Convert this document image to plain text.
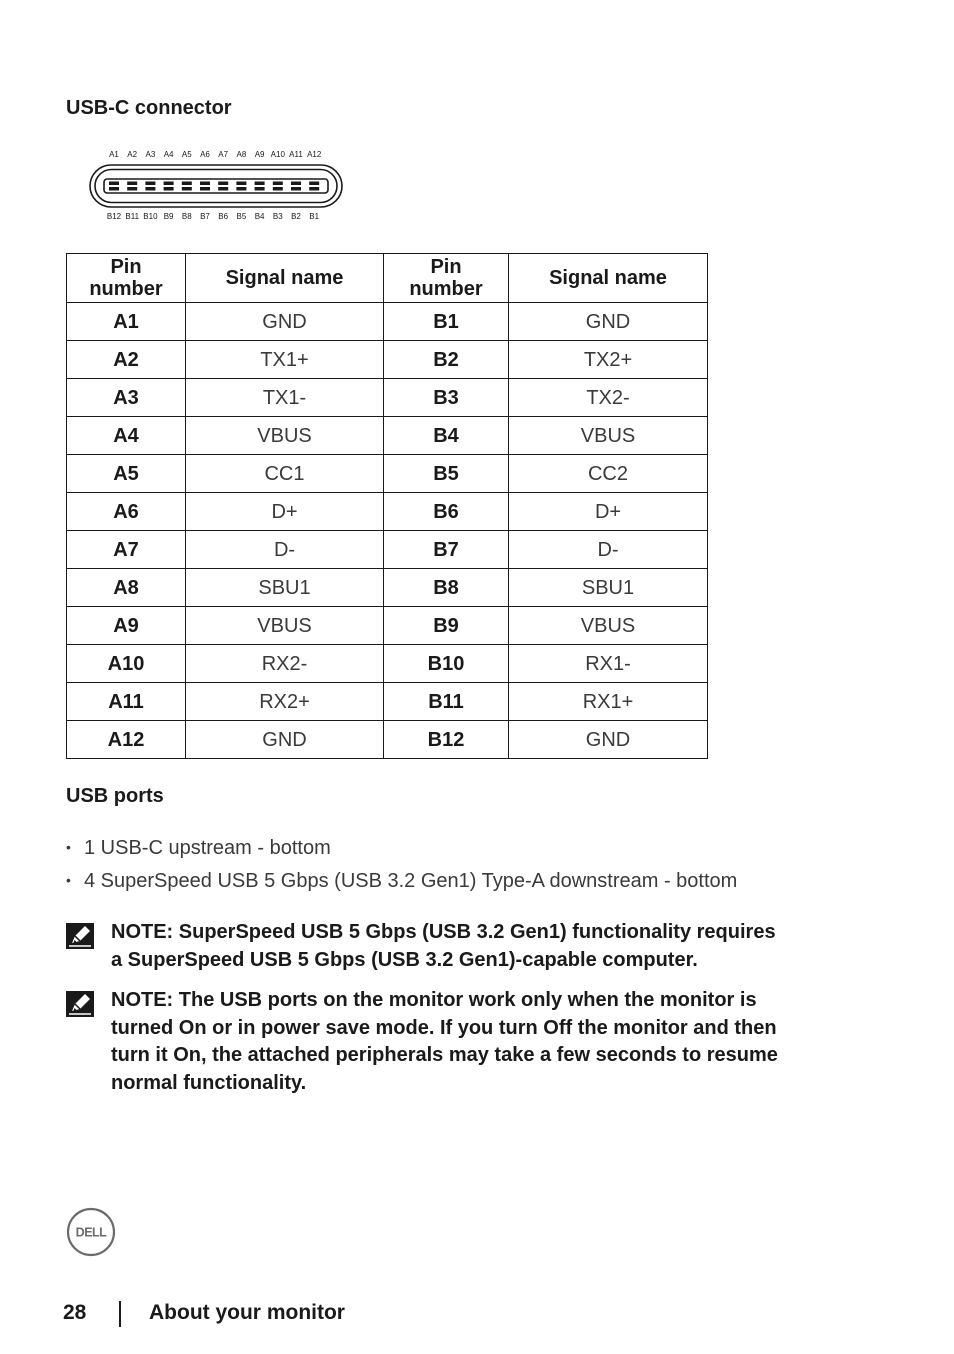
USB-C connector
A1 A2 A3 A4 A5 A6 A7 A8 A9 A10 A11 A12
B12 B11 B10 B9 B8 B7 B6 B5 B4 B3 B2 B1
Pin
number	Signal name	Pin
number	Signal name
A1	GND	B1	GND
A2	TX1+	B2	TX2+
A3	TX1-	B3	TX2-
A4	VBUS	B4	VBUS
A5	CC1	B5	CC2
A6	D+	B6	D+
A7	D-	B7	D-
A8	SBU1	B8	SBU1
A9	VBUS	B9	VBUS
A10	RX2-	B10	RX1-
A11	RX2+	B11	RX1+
A12	GND	B12	GND
USB ports
• 1 USB-C upstream - bottom
• 4 SuperSpeed USB 5 Gbps (USB 3.2 Gen1) Type-A downstream - bottom
NOTE: SuperSpeed USB 5 Gbps (USB 3.2 Gen1) functionality requires
a SuperSpeed USB 5 Gbps (USB 3.2 Gen1)-capable computer.
NOTE: The USB ports on the monitor work only when the monitor is
turned On or in power save mode. If you turn Off the monitor and then
turn it On, the attached peripherals may take a few seconds to resume
normal functionality.
DELL
28	About your monitor
